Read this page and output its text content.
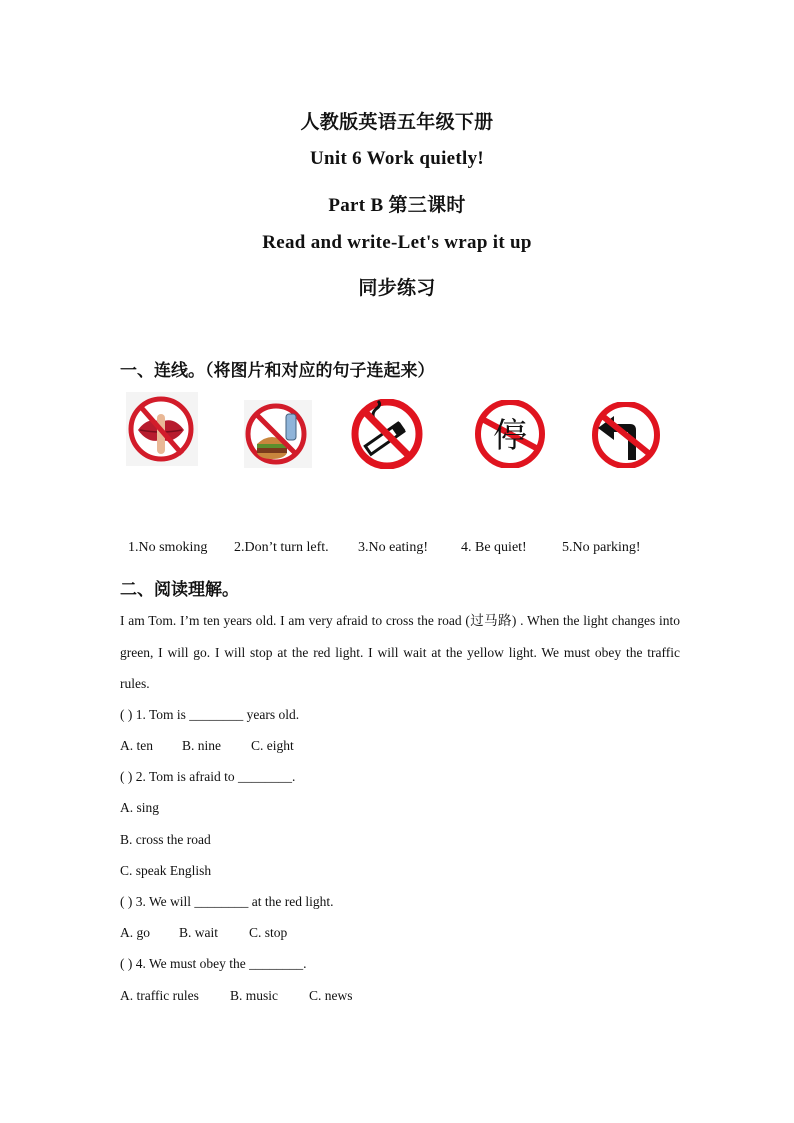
人教版英语五年级下册
Unit 6 Work quietly!
Part B 第三课时
Read and write-Let's wrap it up
同步练习
一、连线。（将图片和对应的句子连起来）
停
1.No smoking 2.Don’t turn left. 3.No eating! 4. Be quiet!	5.No parking!
二、阅读理解。
I am Tom. I’m ten years old. I am very afraid to cross the road (过马路) . When the light changes into green, I will go. I will stop at the red light. I will wait at the yellow light. We must obey the traffic rules.
( ) 1. Tom is ________ years old.
A. ten B. nine C. eight
( ) 2. Tom is afraid to ________.
A. sing
B. cross the road
C. speak English
( ) 3. We will ________ at the red light.
A. go B. wait C. stop
( ) 4. We must obey the ________.
A. traffic rules B. music C. news
